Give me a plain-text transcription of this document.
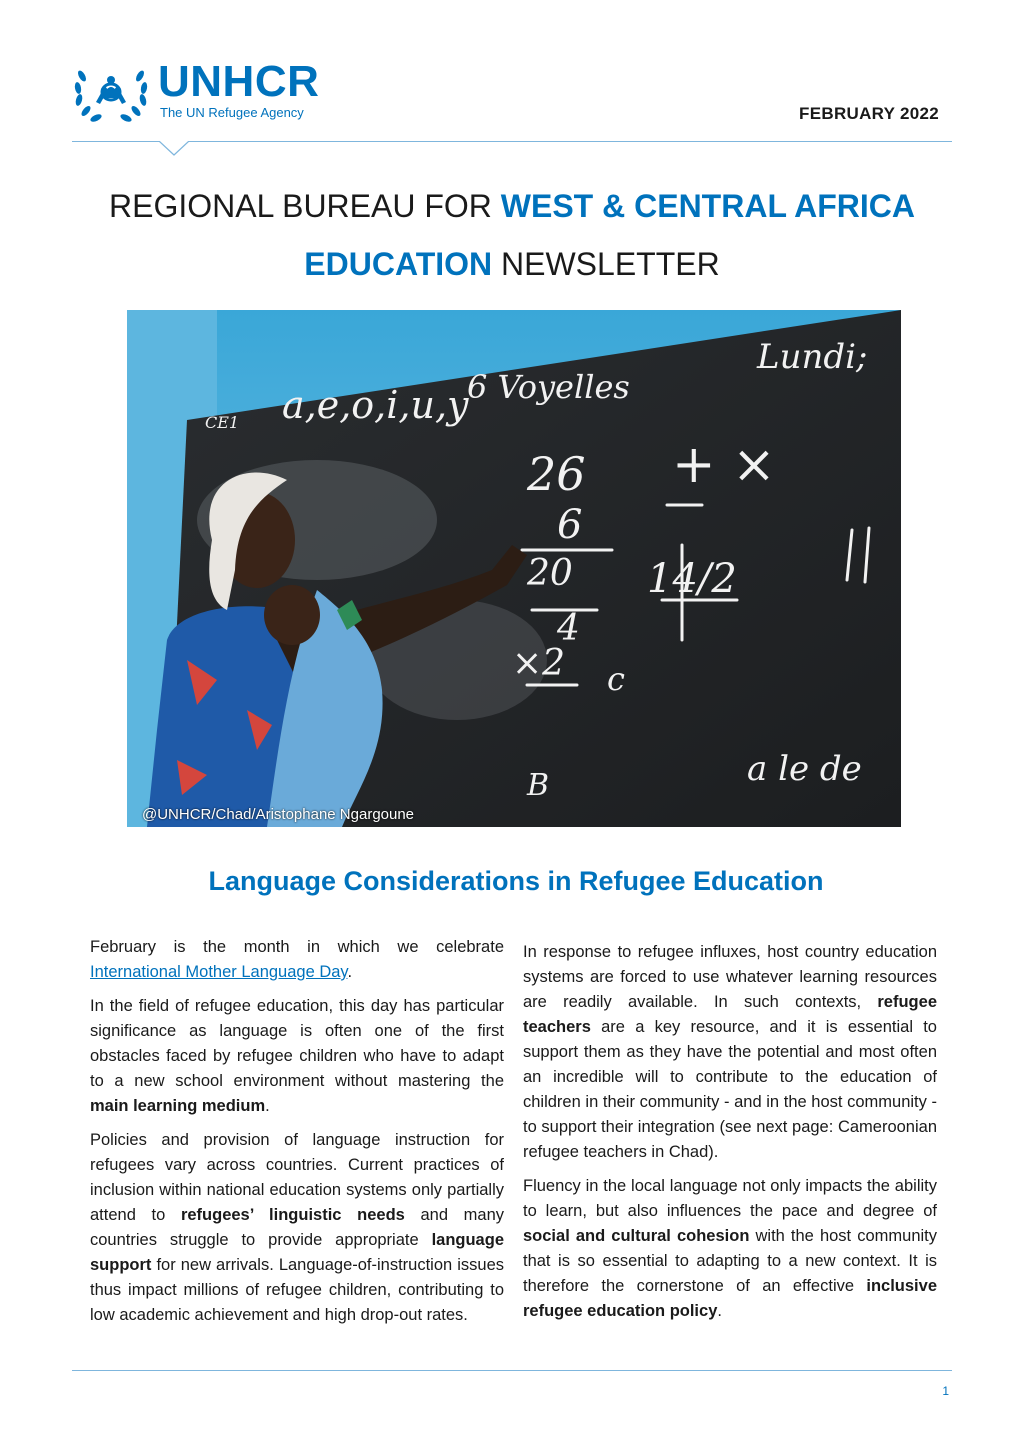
UNHCR
The UN Refugee Agency	FEBRUARY 2022
REGIONAL BUREAU FOR WEST & CENTRAL AFRICA
EDUCATION NEWSLETTER
CE1 a,e,o,i,u,y
6 Voyelles
Lundi;
26 + ×
6
20 14/2
4
×2 c
B	a le de
@UNHCR/Chad/Aristophane Ngargoune
Language Considerations in Refugee Education

February is the month in which we celebrate International Mother Language Day.

In the field of refugee education, this day has particular significance as language is often one of the first obstacles faced by refugee children who have to adapt to a new school environment without mastering the main learning medium.

Policies and provision of language instruction for refugees vary across countries. Current practices of inclusion within national education systems only partially attend to refugees’ linguistic needs and many countries struggle to provide appropriate language support for new arrivals. Language-of-instruction issues thus impact millions of refugee children, contributing to low academic achievement and high drop-out rates.

In response to refugee influxes, host country education systems are forced to use whatever learning resources are readily available. In such contexts, refugee teachers are a key resource, and it is essential to support them as they have the potential and most often an incredible will to contribute to the education of children in their community - and in the host community - to support their integration (see next page: Cameroonian refugee teachers in Chad).

Fluency in the local language not only impacts the ability to learn, but also influences the pace and degree of social and cultural cohesion with the host community that is so essential to adapting to a new context. It is therefore the cornerstone of an effective inclusive refugee education policy.

1
